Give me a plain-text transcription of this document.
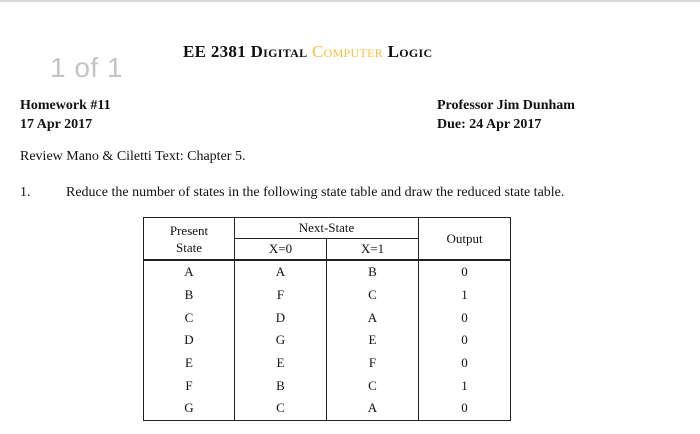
1 of 1
EE 2381 Digital Computer Logic
Homework #11
17 Apr 2017
Professor Jim Dunham
Due: 24 Apr 2017
Review Mano & Ciletti Text: Chapter 5.
1.	Reduce the number of states in the following state table and draw the reduced state table.
Present
State	Next-State		Output
	X=0	X=1	
A	A	B	0
B	F	C	1
C	D	A	0
D	G	E	0
E	E	F	0
F	B	C	1
G	C	A	0
